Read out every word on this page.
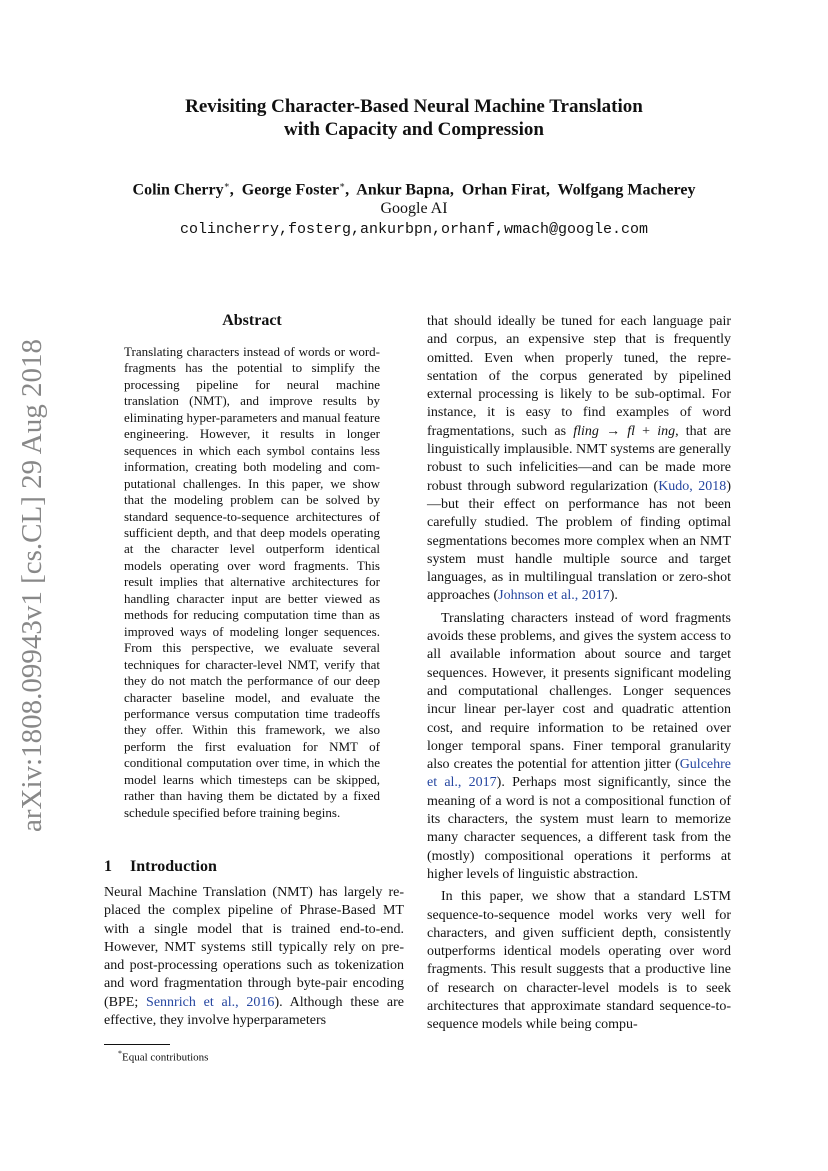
arXiv:1808.09943v1 [cs.CL] 29 Aug 2018
Revisiting Character-Based Neural Machine Translation
with Capacity and Compression
Colin Cherry∗,  George Foster∗,  Ankur Bapna,  Orhan Firat,  Wolfgang Macherey
Google AI
colincherry,fosterg,ankurbpn,orhanf,wmach@google.com
Abstract
Translating characters instead of words or word-fragments has the potential to simplify the processing pipeline for neural machine translation (NMT), and improve results by eliminating hyper-parameters and manual feature engineering. However, it results in longer sequences in which each symbol contains less information, creating both modeling and computational challenges. In this paper, we show that the modeling problem can be solved by standard sequence-to-sequence architectures of sufficient depth, and that deep models operating at the character level outperform identical models operating over word fragments. This result implies that alternative architectures for handling character input are better viewed as methods for reducing computation time than as improved ways of modeling longer sequences. From this perspective, we evaluate several techniques for character-level NMT, verify that they do not match the performance of our deep character baseline model, and evaluate the performance versus computation time tradeoffs they offer. Within this framework, we also perform the first evaluation for NMT of conditional computation over time, in which the model learns which timesteps can be skipped, rather than having them be dictated by a fixed schedule specified before training begins.
1 Introduction

Neural Machine Translation (NMT) has largely replaced the complex pipeline of Phrase-Based MT with a single model that is trained end-to-end. However, NMT systems still typically rely on pre- and post-processing operations such as tokenization and word fragmentation through byte-pair encoding (BPE; Sennrich et al., 2016). Although these are effective, they involve hyperparameters

*Equal contributions

that should ideally be tuned for each language pair and corpus, an expensive step that is frequently omitted. Even when properly tuned, the representation of the corpus generated by pipelined external processing is likely to be sub-optimal. For instance, it is easy to find examples of word fragmentations, such as fling → fl + ing, that are linguistically implausible. NMT systems are generally robust to such infelicities—and can be made more robust through subword regularization (Kudo, 2018)—but their effect on performance has not been carefully studied. The problem of finding optimal segmentations becomes more complex when an NMT system must handle multiple source and target languages, as in multilingual translation or zero-shot approaches (Johnson et al., 2017).

Translating characters instead of word fragments avoids these problems, and gives the system access to all available information about source and target sequences. However, it presents significant modeling and computational challenges. Longer sequences incur linear per-layer cost and quadratic attention cost, and require information to be retained over longer temporal spans. Finer temporal granularity also creates the potential for attention jitter (Gulcehre et al., 2017). Perhaps most significantly, since the meaning of a word is not a compositional function of its characters, the system must learn to memorize many character sequences, a different task from the (mostly) compositional operations it performs at higher levels of linguistic abstraction.

In this paper, we show that a standard LSTM sequence-to-sequence model works very well for characters, and given sufficient depth, consistently outperforms identical models operating over word fragments. This result suggests that a productive line of research on character-level models is to seek architectures that approximate standard sequence-to-sequence models while being compu-
